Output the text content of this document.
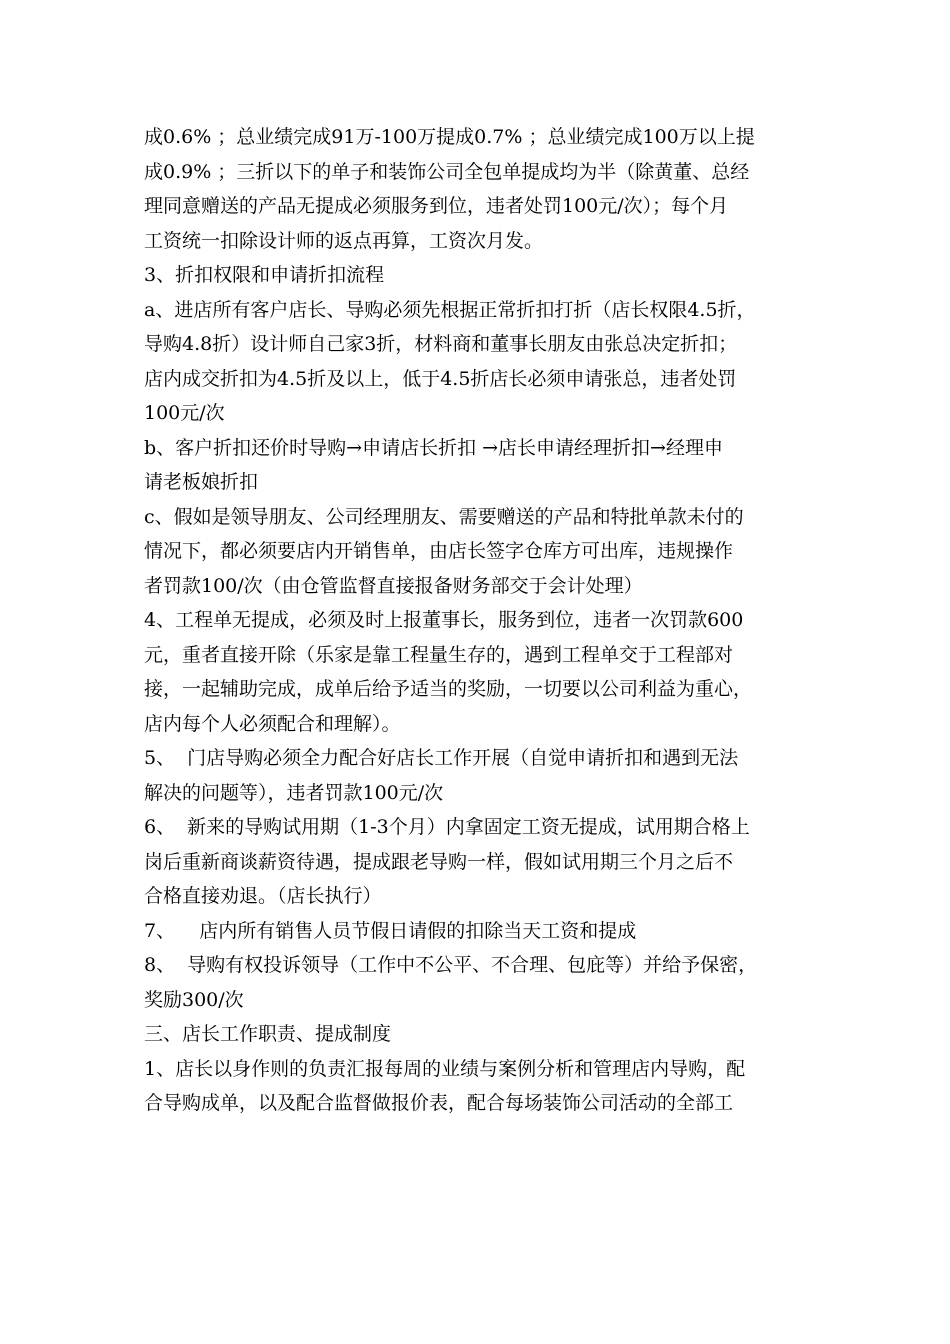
成0.6% ；总业绩完成91万-100万提成0.7% ；总业绩完成100万以上提
成0.9% ；三折以下的单子和装饰公司全包单提成均为半（除黄董、总经
理同意赠送的产品无提成必须服务到位，违者处罚100元/次）；每个月
工资统一扣除设计师的返点再算，工资次月发。
3、折扣权限和申请折扣流程
a、进店所有客户店长、导购必须先根据正常折扣打折（店长权限4.5折，
导购4.8折）设计师自己家3折，材料商和董事长朋友由张总决定折扣；
店内成交折扣为4.5折及以上，低于4.5折店长必须申请张总，违者处罚
100元/次
b、客户折扣还价时导购→申请店长折扣 →店长申请经理折扣→经理申
请老板娘折扣
c、假如是领导朋友、公司经理朋友、需要赠送的产品和特批单款未付的
情况下，都必须要店内开销售单，由店长签字仓库方可出库，违规操作
者罚款100/次（由仓管监督直接报备财务部交于会计处理）
4、工程单无提成，必须及时上报董事长，服务到位，违者一次罚款600
元，重者直接开除（乐家是靠工程量生存的，遇到工程单交于工程部对
接，一起辅助完成，成单后给予适当的奖励，一切要以公司利益为重心，
店内每个人必须配合和理解）。
5、  门店导购必须全力配合好店长工作开展（自觉申请折扣和遇到无法
解决的问题等），违者罚款100元/次
6、  新来的导购试用期（1-3个月）内拿固定工资无提成，试用期合格上
岗后重新商谈薪资待遇，提成跟老导购一样，假如试用期三个月之后不
合格直接劝退。（店长执行）
7、    店内所有销售人员节假日请假的扣除当天工资和提成
8、  导购有权投诉领导（工作中不公平、不合理、包庇等）并给予保密，
奖励300/次
三、店长工作职责、提成制度
1、店长以身作则的负责汇报每周的业绩与案例分析和管理店内导购，配
合导购成单，以及配合监督做报价表，配合每场装饰公司活动的全部工
